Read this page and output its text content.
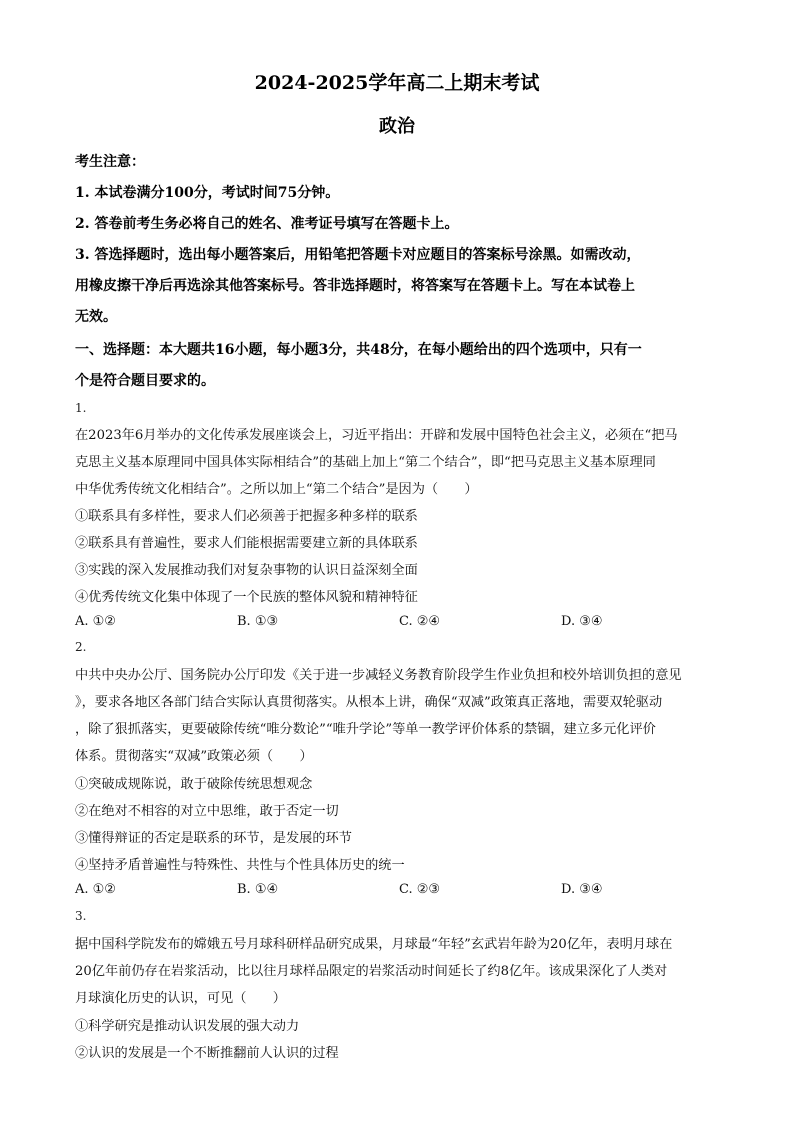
2024-2025学年高二上期末考试
政治
考生注意：
1. 本试卷满分100分，考试时间75分钟。
2. 答卷前考生务必将自己的姓名、准考证号填写在答题卡上。
3. 答选择题时，选出每小题答案后，用铅笔把答题卡对应题目的答案标号涂黑。如需改动，
用橡皮擦干净后再选涂其他答案标号。答非选择题时，将答案写在答题卡上。写在本试卷上
无效。
一、选择题：本大题共16小题，每小题3分，共48分，在每小题给出的四个选项中，只有一
个是符合题目要求的。
1.
在2023年6月举办的文化传承发展座谈会上，习近平指出：开辟和发展中国特色社会主义，必须在“把马
克思主义基本原理同中国具体实际相结合”的基础上加上“第二个结合”，即“把马克思主义基本原理同
中华优秀传统文化相结合”。之所以加上“第二个结合”是因为（　　）
①联系具有多样性，要求人们必须善于把握多种多样的联系
②联系具有普遍性，要求人们能根据需要建立新的具体联系
③实践的深入发展推动我们对复杂事物的认识日益深刻全面
④优秀传统文化集中体现了一个民族的整体风貌和精神特征
A. ①②	B. ①③	C. ②④	D. ③④
2.
中共中央办公厅、国务院办公厅印发《关于进一步减轻义务教育阶段学生作业负担和校外培训负担的意见
》，要求各地区各部门结合实际认真贯彻落实。从根本上讲，确保“双减”政策真正落地，需要双轮驱动
，除了狠抓落实，更要破除传统“唯分数论”“唯升学论”等单一教学评价体系的禁锢，建立多元化评价
体系。贯彻落实“双减”政策必须（　　）
①突破成规陈说，敢于破除传统思想观念
②在绝对不相容的对立中思维，敢于否定一切
③懂得辩证的否定是联系的环节，是发展的环节
④坚持矛盾普遍性与特殊性、共性与个性具体历史的统一
A. ①②	B. ①④	C. ②③	D. ③④
3.
据中国科学院发布的嫦娥五号月球科研样品研究成果，月球最“年轻”玄武岩年龄为20亿年，表明月球在
20亿年前仍存在岩浆活动，比以往月球样品限定的岩浆活动时间延长了约8亿年。该成果深化了人类对
月球演化历史的认识，可见（　　）
①科学研究是推动认识发展的强大动力
②认识的发展是一个不断推翻前人认识的过程
